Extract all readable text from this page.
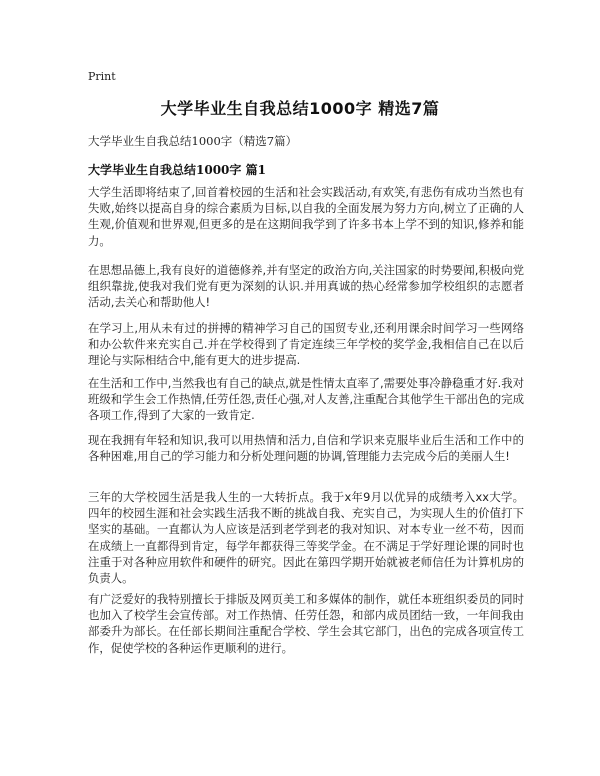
Print
大学毕业生自我总结1000字 精选7篇
大学毕业生自我总结1000字（精选7篇）
大学毕业生自我总结1000字 篇1

大学生活即将结束了,回首着校园的生活和社会实践活动,有欢笑,有悲伤有成功当然也有失败,始终以提高自身的综合素质为目标,以自我的全面发展为努力方向,树立了正确的人生观,价值观和世界观,但更多的是在这期间我学到了许多书本上学不到的知识,修养和能力。

在思想品德上,我有良好的道德修养,并有坚定的政治方向,关注国家的时势要闻,积极向党组织靠拢,使我对我们党有更为深刻的认识.并用真诚的热心经常参加学校组织的志愿者活动,去关心和帮助他人!

在学习上,用从未有过的拼搏的精神学习自己的国贸专业,还利用课余时间学习一些网络和办公软件来充实自己.并在学校得到了肯定连续三年学校的奖学金,我相信自己在以后理论与实际相结合中,能有更大的进步提高.

在生活和工作中,当然我也有自己的缺点,就是性情太直率了,需要处事冷静稳重才好.我对班级和学生会工作热情,任劳任怨,责任心强,对人友善,注重配合其他学生干部出色的完成各项工作,得到了大家的一致肯定.

现在我拥有年轻和知识,我可以用热情和活力,自信和学识来克服毕业后生活和工作中的各种困难,用自己的学习能力和分析处理问题的协调,管理能力去完成今后的美丽人生!

三年的大学校园生活是我人生的一大转折点。我于x年9月以优异的成绩考入xx大学。四年的校园生涯和社会实践生活我不断的挑战自我、充实自己，为实现人生的价值打下坚实的基础。一直都认为人应该是活到老学到老的我对知识、对本专业一丝不苟，因而在成绩上一直都得到肯定，每学年都获得三等奖学金。在不满足于学好理论课的同时也注重于对各种应用软件和硬件的研究。因此在第四学期开始就被老师信任为计算机房的负责人。

有广泛爱好的我特别擅长于排版及网页美工和多媒体的制作，就任本班组织委员的同时也加入了校学生会宣传部。对工作热情、任劳任怨，和部内成员团结一致，一年间我由部委升为部长。在任部长期间注重配合学校、学生会其它部门，出色的完成各项宣传工作，促使学校的各种运作更顺利的进行。
